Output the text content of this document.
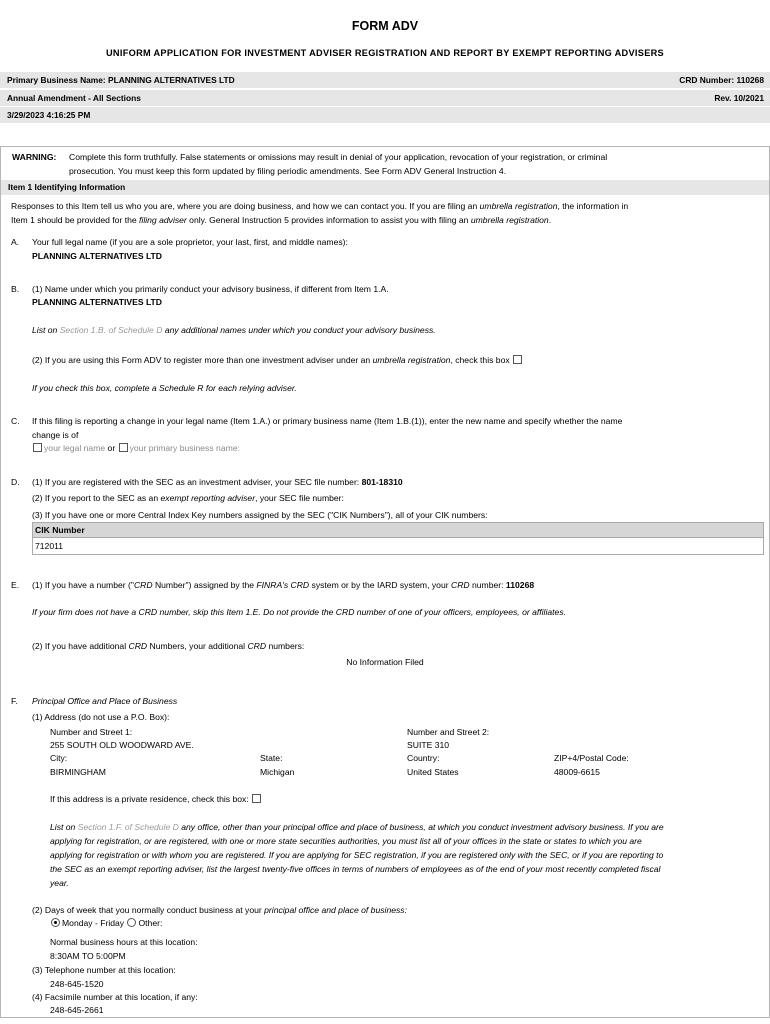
FORM ADV
UNIFORM APPLICATION FOR INVESTMENT ADVISER REGISTRATION AND REPORT BY EXEMPT REPORTING ADVISERS
Primary Business Name: PLANNING ALTERNATIVES LTD	CRD Number: 110268
Annual Amendment - All Sections	Rev. 10/2021
3/29/2023 4:16:25 PM
WARNING: Complete this form truthfully. False statements or omissions may result in denial of your application, revocation of your registration, or criminal
prosecution. You must keep this form updated by filing periodic amendments. See Form ADV General Instruction 4.
Item 1 Identifying Information
Responses to this Item tell us who you are, where you are doing business, and how we can contact you. If you are filing an umbrella registration, the information in
Item 1 should be provided for the filing adviser only. General Instruction 5 provides information to assist you with filing an umbrella registration.
A. Your full legal name (if you are a sole proprietor, your last, first, and middle names):
PLANNING ALTERNATIVES LTD
B. (1) Name under which you primarily conduct your advisory business, if different from Item 1.A.
PLANNING ALTERNATIVES LTD
List on Section 1.B. of Schedule D any additional names under which you conduct your advisory business.
(2) If you are using this Form ADV to register more than one investment adviser under an umbrella registration, check this box
If you check this box, complete a Schedule R for each relying adviser.
C. If this filing is reporting a change in your legal name (Item 1.A.) or primary business name (Item 1.B.(1)), enter the new name and specify whether the name
change is of
your legal name or your primary business name:
D. (1) If you are registered with the SEC as an investment adviser, your SEC file number: 801-18310
(2) If you report to the SEC as an exempt reporting adviser, your SEC file number:
(3) If you have one or more Central Index Key numbers assigned by the SEC ("CIK Numbers"), all of your CIK numbers:
CIK Number
712011
E. (1) If you have a number ("CRD Number") assigned by the FINRA's CRD system or by the IARD system, your CRD number: 110268
If your firm does not have a CRD number, skip this Item 1.E. Do not provide the CRD number of one of your officers, employees, or affiliates.
(2) If you have additional CRD Numbers, your additional CRD numbers:
No Information Filed
F. Principal Office and Place of Business
(1) Address (do not use a P.O. Box):
Number and Street 1:
255 SOUTH OLD WOODWARD AVE.
Number and Street 2:
SUITE 310
City:
BIRMINGHAM
State:
Michigan
Country:
United States
ZIP+4/Postal Code:
48009-6615
If this address is a private residence, check this box:
List on Section 1.F. of Schedule D any office, other than your principal office and place of business, at which you conduct investment advisory business. If you are
applying for registration, or are registered, with one or more state securities authorities, you must list all of your offices in the state or states to which you are
applying for registration or with whom you are registered. If you are applying for SEC registration, if you are registered only with the SEC, or if you are reporting to
the SEC as an exempt reporting adviser, list the largest twenty-five offices in terms of numbers of employees as of the end of your most recently completed fiscal
year.
(2) Days of week that you normally conduct business at your principal office and place of business:
Monday - Friday Other:
Normal business hours at this location:
8:30AM TO 5:00PM
(3) Telephone number at this location:
248-645-1520
(4) Facsimile number at this location, if any:
248-645-2661
